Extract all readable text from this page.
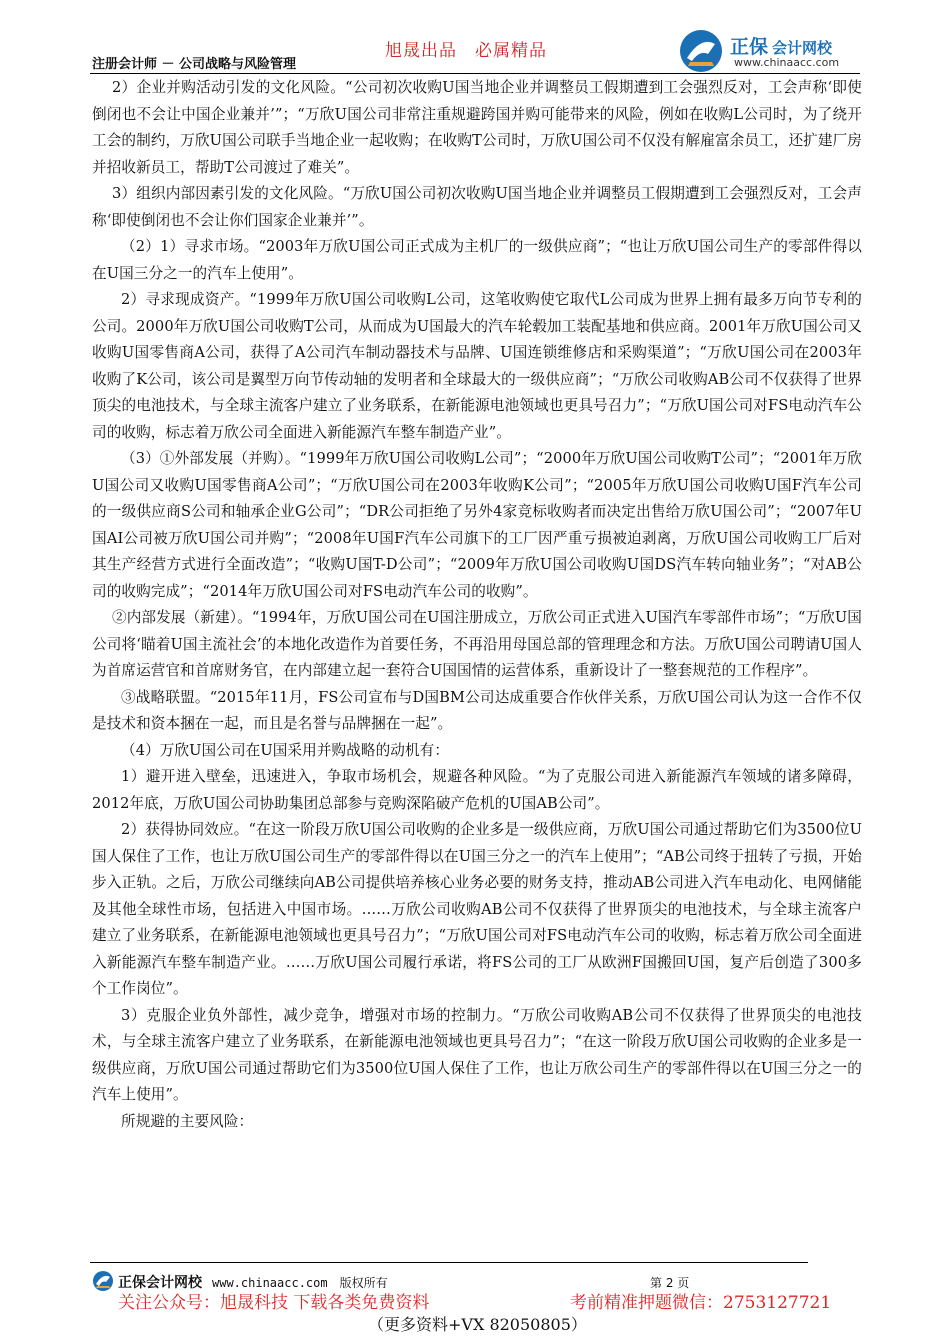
注册会计师 － 公司战略与风险管理
旭晟出品　必属精品	正保 会计网校
www.chinaacc.com

2）企业并购活动引发的文化风险。“公司初次收购U国当地企业并调整员工假期遭到工会强烈反对，工会声称‘即使倒闭也不会让中国企业兼并’”；“万欣U国公司非常注重规避跨国并购可能带来的风险，例如在收购L公司时，为了绕开工会的制约，万欣U国公司联手当地企业一起收购；在收购T公司时，万欣U国公司不仅没有解雇富余员工，还扩建厂房并招收新员工，帮助T公司渡过了难关”。

3）组织内部因素引发的文化风险。“万欣U国公司初次收购U国当地企业并调整员工假期遭到工会强烈反对，工会声称‘即使倒闭也不会让你们国家企业兼并’”。

（2）1）寻求市场。“2003年万欣U国公司正式成为主机厂的一级供应商”；“也让万欣U国公司生产的零部件得以在U国三分之一的汽车上使用”。

2）寻求现成资产。“1999年万欣U国公司收购L公司，这笔收购使它取代L公司成为世界上拥有最多万向节专利的公司。2000年万欣U国公司收购T公司，从而成为U国最大的汽车轮毂加工装配基地和供应商。2001年万欣U国公司又收购U国零售商A公司，获得了A公司汽车制动器技术与品牌、U国连锁维修店和采购渠道”；“万欣U国公司在2003年收购了K公司，该公司是翼型万向节传动轴的发明者和全球最大的一级供应商”；“万欣公司收购AB公司不仅获得了世界顶尖的电池技术，与全球主流客户建立了业务联系，在新能源电池领域也更具号召力”；“万欣U国公司对FS电动汽车公司的收购，标志着万欣公司全面进入新能源汽车整车制造产业”。

（3）①外部发展（并购）。“1999年万欣U国公司收购L公司”；“2000年万欣U国公司收购T公司”；“2001年万欣U国公司又收购U国零售商A公司”；“万欣U国公司在2003年收购K公司”；“2005年万欣U国公司收购U国F汽车公司的一级供应商S公司和轴承企业G公司”；“DR公司拒绝了另外4家竞标收购者而决定出售给万欣U国公司”；“2007年U国AI公司被万欣U国公司并购”；“2008年U国F汽车公司旗下的工厂因严重亏损被迫剥离，万欣U国公司收购工厂后对其生产经营方式进行全面改造”；“收购U国T-D公司”；“2009年万欣U国公司收购U国DS汽车转向轴业务”；“对AB公司的收购完成”；“2014年万欣U国公司对FS电动汽车公司的收购”。

②内部发展（新建）。“1994年，万欣U国公司在U国注册成立，万欣公司正式进入U国汽车零部件市场”；“万欣U国公司将‘瞄着U国主流社会’的本地化改造作为首要任务，不再沿用母国总部的管理理念和方法。万欣U国公司聘请U国人为首席运营官和首席财务官，在内部建立起一套符合U国国情的运营体系，重新设计了一整套规范的工作程序”。

③战略联盟。“2015年11月，FS公司宣布与D国BM公司达成重要合作伙伴关系，万欣U国公司认为这一合作不仅是技术和资本捆在一起，而且是名誉与品牌捆在一起”。

（4）万欣U国公司在U国采用并购战略的动机有：

1）避开进入壁垒，迅速进入，争取市场机会，规避各种风险。“为了克服公司进入新能源汽车领域的诸多障碍，2012年底，万欣U国公司协助集团总部参与竞购深陷破产危机的U国AB公司”。

2）获得协同效应。“在这一阶段万欣U国公司收购的企业多是一级供应商，万欣U国公司通过帮助它们为3500位U国人保住了工作，也让万欣U国公司生产的零部件得以在U国三分之一的汽车上使用”；“AB公司终于扭转了亏损，开始步入正轨。之后，万欣公司继续向AB公司提供培养核心业务必要的财务支持，推动AB公司进入汽车电动化、电网储能及其他全球性市场，包括进入中国市场。……万欣公司收购AB公司不仅获得了世界顶尖的电池技术，与全球主流客户建立了业务联系，在新能源电池领域也更具号召力”；“万欣U国公司对FS电动汽车公司的收购，标志着万欣公司全面进入新能源汽车整车制造产业。……万欣U国公司履行承诺，将FS公司的工厂从欧洲F国搬回U国，复产后创造了300多个工作岗位”。

3）克服企业负外部性，减少竞争，增强对市场的控制力。“万欣公司收购AB公司不仅获得了世界顶尖的电池技术，与全球主流客户建立了业务联系，在新能源电池领域也更具号召力”；“在这一阶段万欣U国公司收购的企业多是一级供应商，万欣U国公司通过帮助它们为3500位U国人保住了工作，也让万欣公司生产的零部件得以在U国三分之一的汽车上使用”。

所规避的主要风险：

正保会计网校 www.chinaacc.com　版权所有	第 2 页
关注公众号：旭晟科技 下载各类免费资料	考前精准押题微信：2753127721
（更多资料+VX 82050805）
